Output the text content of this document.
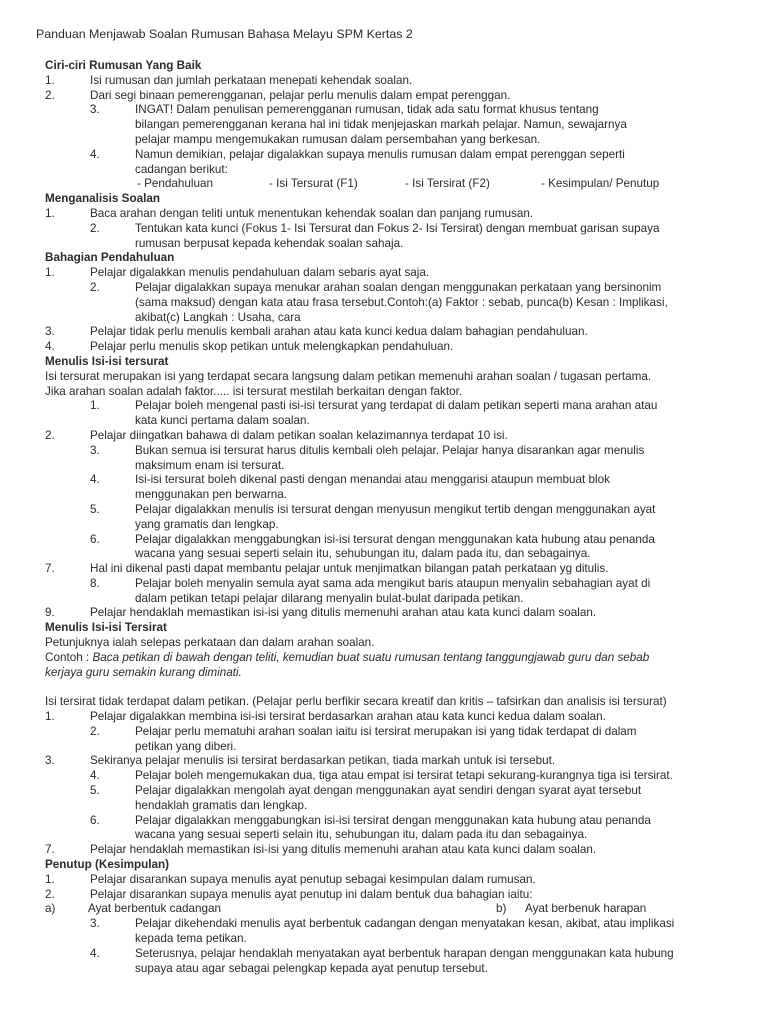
Panduan Menjawab Soalan Rumusan Bahasa Melayu SPM Kertas 2
Ciri-ciri Rumusan Yang Baik
1.	Isi rumusan dan jumlah perkataan menepati kehendak soalan.
2.	Dari segi binaan pemerengganan, pelajar perlu menulis dalam empat perenggan.
3.	INGAT! Dalam penulisan pemerengganan rumusan, tidak ada satu format khusus tentang
bilangan pemerengganan kerana hal ini tidak menjejaskan markah pelajar. Namun, sewajarnya
pelajar mampu mengemukakan rumusan dalam persembahan yang berkesan.
4.	Namun demikian, pelajar digalakkan supaya menulis rumusan dalam empat perenggan seperti
cadangan berikut:
- Pendahuluan	- Isi Tersurat (F1)	- Isi Tersirat (F2)	- Kesimpulan/ Penutup
Menganalisis Soalan
1.	Baca arahan dengan teliti untuk menentukan kehendak soalan dan panjang rumusan.
2.	Tentukan kata kunci (Fokus 1- Isi Tersurat dan Fokus 2- Isi Tersirat) dengan membuat garisan supaya
rumusan berpusat kepada kehendak soalan sahaja.
Bahagian Pendahuluan
1.	Pelajar digalakkan menulis pendahuluan dalam sebaris ayat saja.
2.	Pelajar digalakkan supaya menukar arahan soalan dengan menggunakan perkataan yang bersinonim
(sama maksud) dengan kata atau frasa tersebut.Contoh:(a) Faktor : sebab, punca(b) Kesan : Implikasi,
akibat(c) Langkah : Usaha, cara
3.	Pelajar tidak perlu menulis kembali arahan atau kata kunci kedua dalam bahagian pendahuluan.
4.	Pelajar perlu menulis skop petikan untuk melengkapkan pendahuluan.
Menulis Isi-isi tersurat
Isi tersurat merupakan isi yang terdapat secara langsung dalam petikan memenuhi arahan soalan / tugasan pertama.
Jika arahan soalan adalah faktor..... isi tersurat mestilah berkaitan dengan faktor.
1.	Pelajar boleh mengenal pasti isi-isi tersurat yang terdapat di dalam petikan seperti mana arahan atau
kata kunci pertama dalam soalan.
2.	Pelajar diingatkan bahawa di dalam petikan soalan kelazimannya terdapat 10 isi.
3.	Bukan semua isi tersurat harus ditulis kembali oleh pelajar. Pelajar hanya disarankan agar menulis
maksimum enam isi tersurat.
4.	Isi-isi tersurat boleh dikenal pasti dengan menandai atau menggarisi ataupun membuat blok
menggunakan pen berwarna.
5.	Pelajar digalakkan menulis isi tersurat dengan menyusun mengikut tertib dengan menggunakan ayat
yang gramatis dan lengkap.
6.	Pelajar digalakkan menggabungkan isi-isi tersurat dengan menggunakan kata hubung atau penanda
wacana yang sesuai seperti selain itu, sehubungan itu, dalam pada itu, dan sebagainya.
7.	Hal ini dikenal pasti dapat membantu pelajar untuk menjimatkan bilangan patah perkataan yg ditulis.
8.	Pelajar boleh menyalin semula ayat sama ada mengikut baris ataupun menyalin sebahagian ayat di
dalam petikan tetapi pelajar dilarang menyalin bulat-bulat daripada petikan.
9.	Pelajar hendaklah memastikan isi-isi yang ditulis memenuhi arahan atau kata kunci dalam soalan.
Menulis Isi-isi Tersirat
Petunjuknya ialah selepas perkataan dan dalam arahan soalan.
Contoh : Baca petikan di bawah dengan teliti, kemudian buat suatu rumusan tentang tanggungjawab guru dan sebab
kerjaya guru semakin kurang diminati.
Isi tersirat tidak terdapat dalam petikan. (Pelajar perlu berfikir secara kreatif dan kritis – tafsirkan dan analisis isi tersurat)
1.	Pelajar digalakkan membina isi-isi tersirat berdasarkan arahan atau kata kunci kedua dalam soalan.
2.	Pelajar perlu mematuhi arahan soalan iaitu isi tersirat merupakan isi yang tidak terdapat di dalam
petikan yang diberi.
3.	Sekiranya pelajar menulis isi tersirat berdasarkan petikan, tiada markah untuk isi tersebut.
4.	Pelajar boleh mengemukakan dua, tiga atau empat isi tersirat tetapi sekurang-kurangnya tiga isi tersirat.
5.	Pelajar digalakkan mengolah ayat dengan menggunakan ayat sendiri dengan syarat ayat tersebut
hendaklah gramatis dan lengkap.
6.	Pelajar digalakkan menggabungkan isi-isi tersirat dengan menggunakan kata hubung atau penanda
wacana yang sesuai seperti selain itu, sehubungan itu, dalam pada itu dan sebagainya.
7.	Pelajar hendaklah memastikan isi-isi yang ditulis memenuhi arahan atau kata kunci dalam soalan.
Penutup (Kesimpulan)
1.	Pelajar disarankan supaya menulis ayat penutup sebagai kesimpulan dalam rumusan.
2.	Pelajar disarankan supaya menulis ayat penutup ini dalam bentuk dua bahagian iaitu:
a)	Ayat berbentuk cadangan	b) Ayat berbenuk harapan
3.	Pelajar dikehendaki menulis ayat berbentuk cadangan dengan menyatakan kesan, akibat, atau implikasi
kepada tema petikan.
4.	Seterusnya, pelajar hendaklah menyatakan ayat berbentuk harapan dengan menggunakan kata hubung
supaya atau agar sebagai pelengkap kepada ayat penutup tersebut.
